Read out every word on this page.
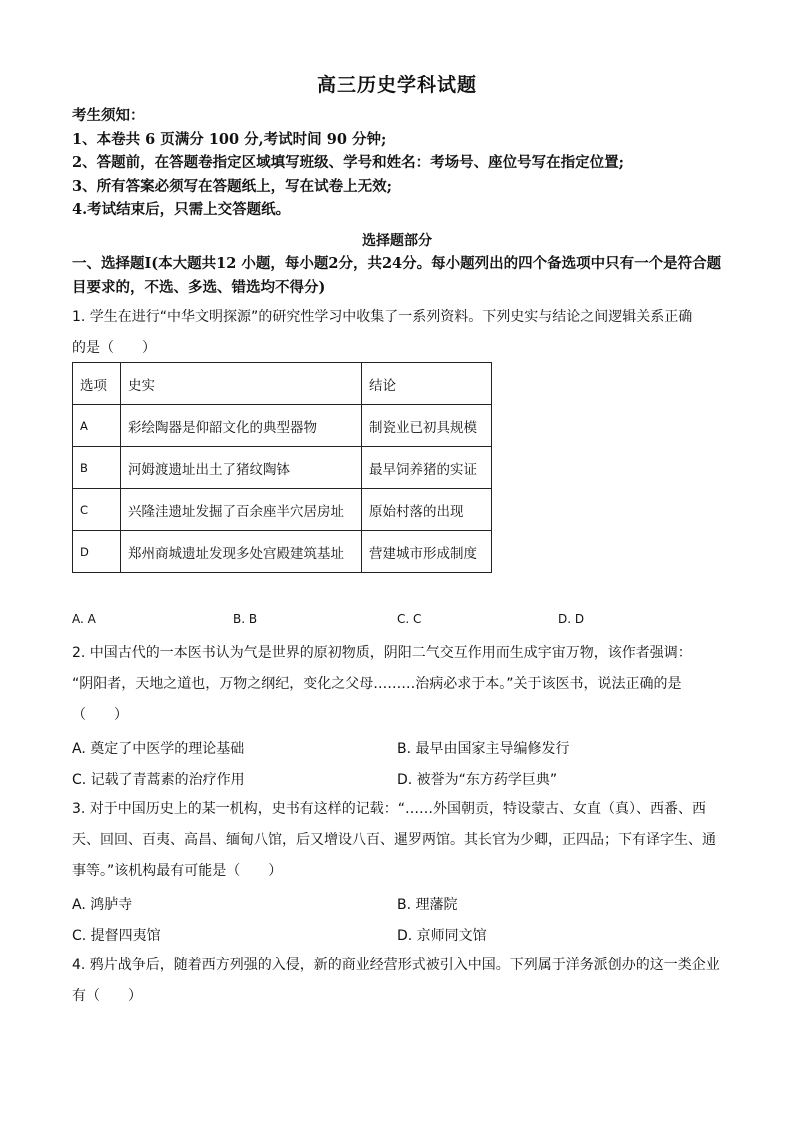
高三历史学科试题
考生须知：
1、本卷共 6 页满分 100 分,考试时间 90 分钟;
2、答题前，在答题卷指定区域填写班级、学号和姓名：考场号、座位号写在指定位置;
3、所有答案必须写在答题纸上，写在试卷上无效;
4.考试结束后，只需上交答题纸。
选择题部分
一、选择题Ⅰ(本大题共12 小题，每小题2分，共24分。每小题列出的四个备选项中只有一个是符合题目要求的，不选、多选、错选均不得分)
1. 学生在进行“中华文明探源”的研究性学习中收集了一系列资料。下列史实与结论之间逻辑关系正确
的是（　　）
选项	史实	结论
A	彩绘陶器是仰韶文化的典型器物	制瓷业已初具规模
B	河姆渡遗址出土了猪纹陶钵	最早饲养猪的实证
C	兴隆洼遗址发掘了百余座半穴居房址	原始村落的出现
D	郑州商城遗址发现多处宫殿建筑基址	营建城市形成制度
A. A	B. B	C. C	D. D
2. 中国古代的一本医书认为气是世界的原初物质，阴阳二气交互作用而生成宇宙万物，该作者强调：
“阴阳者，天地之道也，万物之纲纪，变化之父母………治病必求于本。”关于该医书，说法正确的是
（　　）
A. 奠定了中医学的理论基础	B. 最早由国家主导编修发行
C. 记载了青蒿素的治疗作用	D. 被誉为“东方药学巨典”
3. 对于中国历史上的某一机构，史书有这样的记载：“……外国朝贡，特设蒙古、女直（真）、西番、西
天、回回、百夷、高昌、缅甸八馆，后又增设八百、暹罗两馆。其长官为少卿，正四品；下有译字生、通
事等。”该机构最有可能是（　　）
A. 鸿胪寺	B. 理藩院
C. 提督四夷馆	D. 京师同文馆
4. 鸦片战争后，随着西方列强的入侵，新的商业经营形式被引入中国。下列属于洋务派创办的这一类企业
有（　　）
